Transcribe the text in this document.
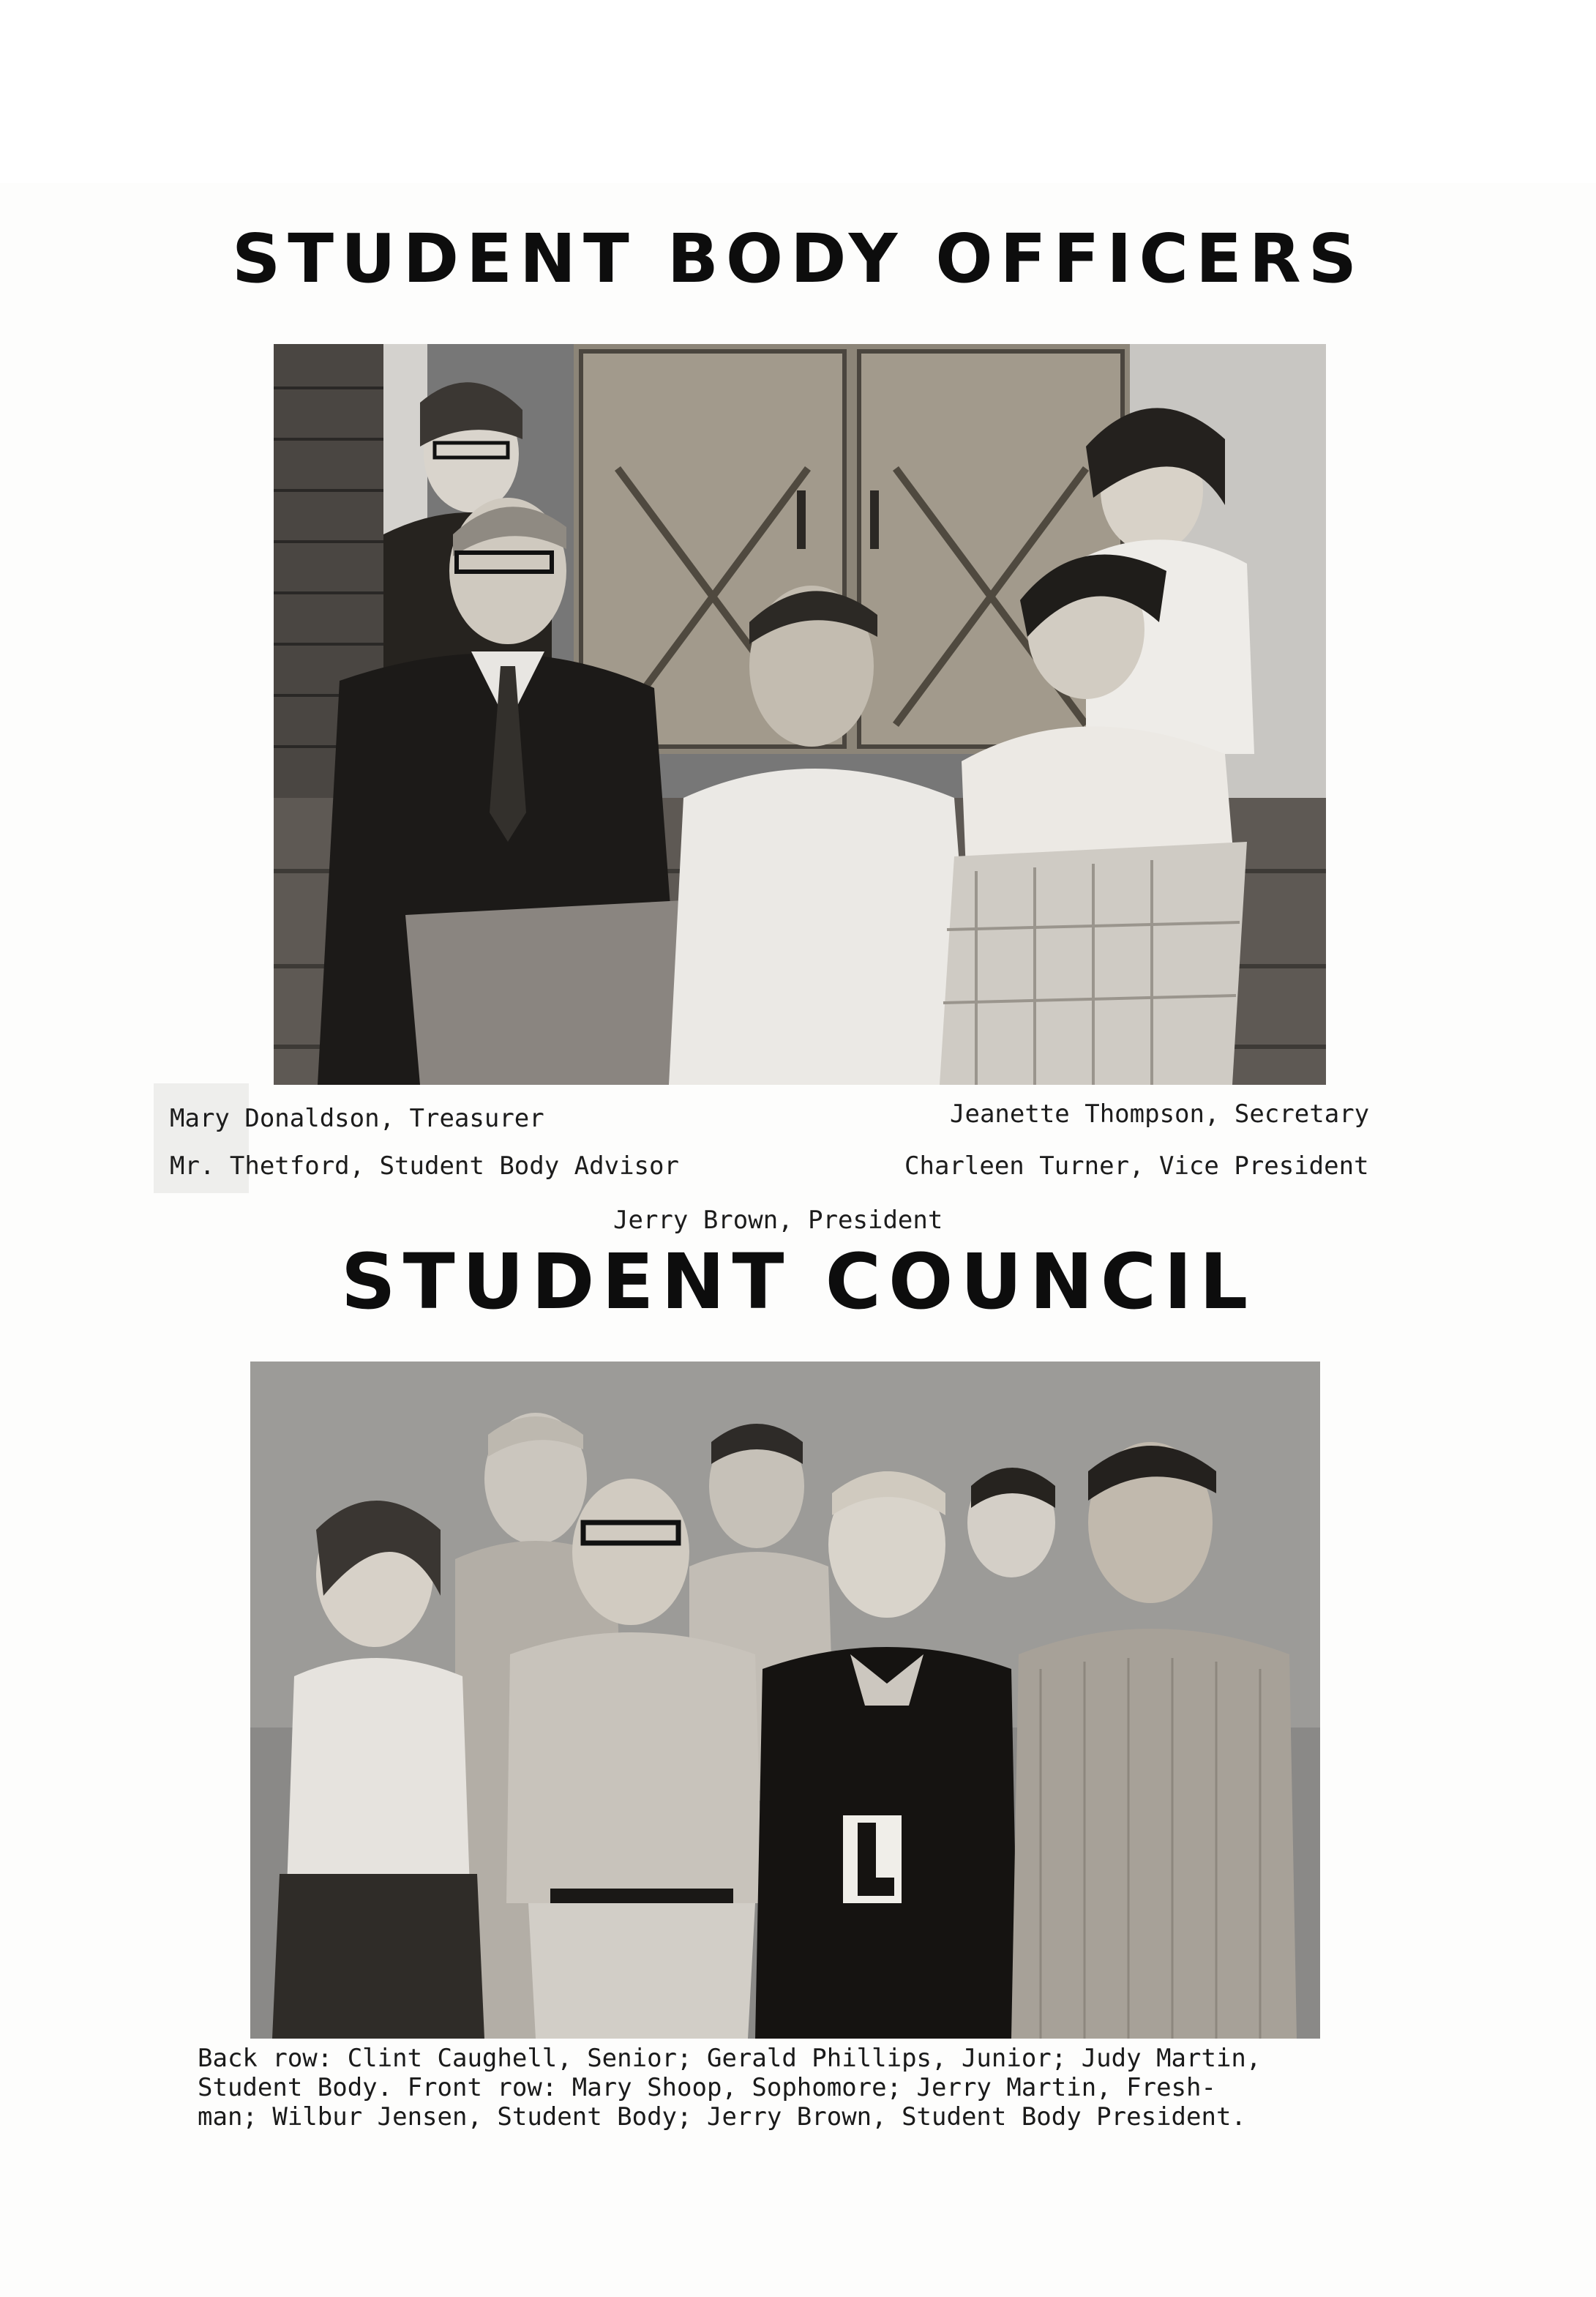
STUDENT BODY OFFICERS
Mary Donaldson, Treasurer	Jeanette Thompson, Secretary
Mr. Thetford, Student Body Advisor	Charleen Turner, Vice President
Jerry Brown, President
STUDENT COUNCIL
Back row: Clint Caughell, Senior; Gerald Phillips, Junior; Judy Martin,
Student Body. Front row: Mary Shoop, Sophomore; Jerry Martin, Fresh-
man; Wilbur Jensen, Student Body; Jerry Brown, Student Body President.
